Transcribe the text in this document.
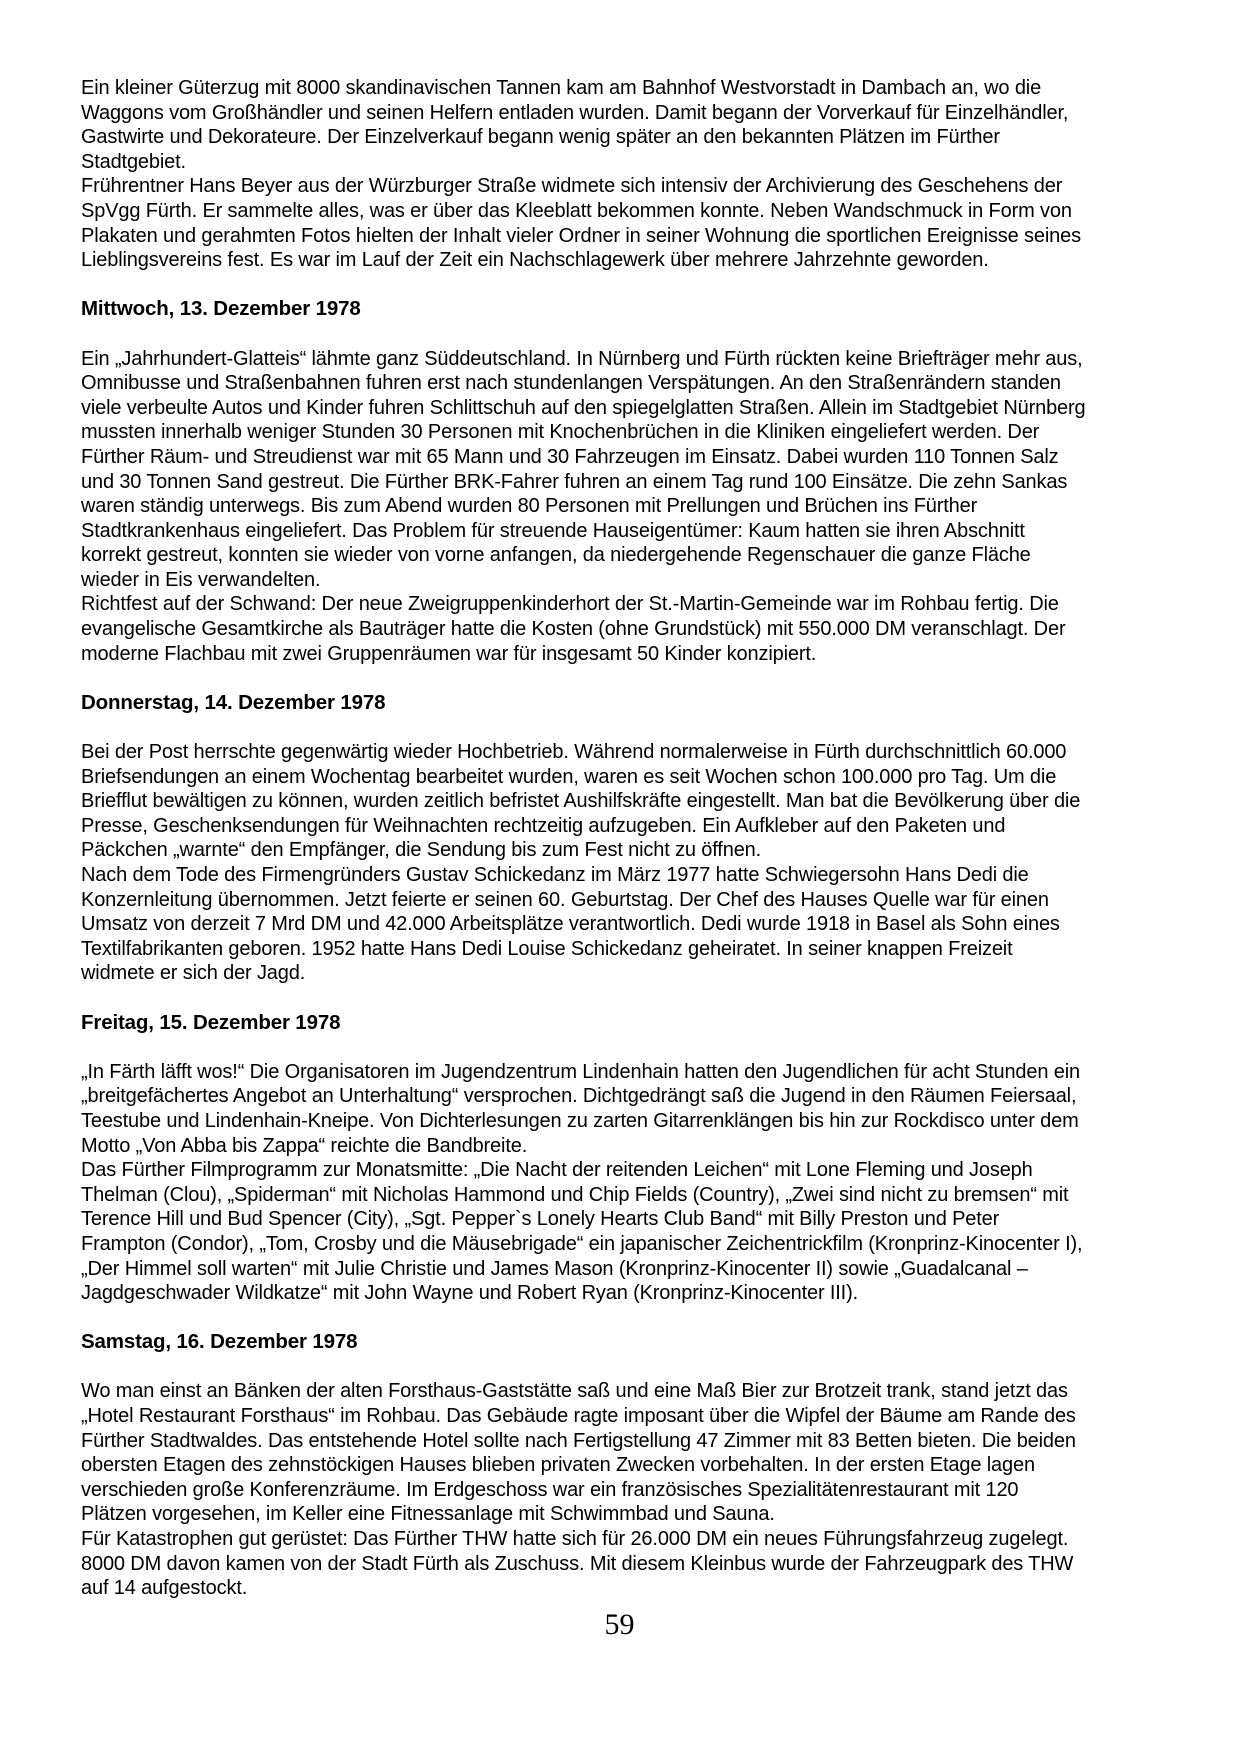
Ein kleiner Güterzug mit 8000 skandinavischen Tannen kam am Bahnhof Westvorstadt in Dambach an, wo die
Waggons vom Großhändler und seinen Helfern entladen wurden. Damit begann der Vorverkauf für Einzelhändler,
Gastwirte und Dekorateure. Der Einzelverkauf begann wenig später an den bekannten Plätzen im Fürther
Stadtgebiet.
Frührentner Hans Beyer aus der Würzburger Straße widmete sich intensiv der Archivierung des Geschehens der
SpVgg Fürth. Er sammelte alles, was er über das Kleeblatt bekommen konnte. Neben Wandschmuck in Form von
Plakaten und gerahmten Fotos hielten der Inhalt vieler Ordner in seiner Wohnung die sportlichen Ereignisse seines
Lieblingsvereins fest. Es war im Lauf der Zeit ein Nachschlagewerk über mehrere Jahrzehnte geworden.
Mittwoch, 13. Dezember 1978
Ein „Jahrhundert-Glatteis“ lähmte ganz Süddeutschland. In Nürnberg und Fürth rückten keine Briefträger mehr aus,
Omnibusse und Straßenbahnen fuhren erst nach stundenlangen Verspätungen. An den Straßenrändern standen
viele verbeulte Autos und Kinder fuhren Schlittschuh auf den spiegelglatten Straßen. Allein im Stadtgebiet Nürnberg
mussten innerhalb weniger Stunden 30 Personen mit Knochenbrüchen in die Kliniken eingeliefert werden. Der
Fürther Räum- und Streudienst war mit 65 Mann und 30 Fahrzeugen im Einsatz. Dabei wurden 110 Tonnen Salz
und 30 Tonnen Sand gestreut. Die Fürther BRK-Fahrer fuhren an einem Tag rund 100 Einsätze. Die zehn Sankas
waren ständig unterwegs. Bis zum Abend wurden 80 Personen mit Prellungen und Brüchen ins Fürther
Stadtkrankenhaus eingeliefert. Das Problem für streuende Hauseigentümer: Kaum hatten sie ihren Abschnitt
korrekt gestreut, konnten sie wieder von vorne anfangen, da niedergehende Regenschauer die ganze Fläche
wieder in Eis verwandelten.
Richtfest auf der Schwand: Der neue Zweigruppenkinderhort der St.-Martin-Gemeinde war im Rohbau fertig. Die
evangelische Gesamtkirche als Bauträger hatte die Kosten (ohne Grundstück) mit 550.000 DM veranschlagt. Der
moderne Flachbau mit zwei Gruppenräumen war für insgesamt 50 Kinder konzipiert.
Donnerstag, 14. Dezember 1978
Bei der Post herrschte gegenwärtig wieder Hochbetrieb. Während normalerweise in Fürth durchschnittlich 60.000
Briefsendungen an einem Wochentag bearbeitet wurden, waren es seit Wochen schon 100.000 pro Tag. Um die
Briefflut bewältigen zu können, wurden zeitlich befristet Aushilfskräfte eingestellt. Man bat die Bevölkerung über die
Presse, Geschenksendungen für Weihnachten rechtzeitig aufzugeben. Ein Aufkleber auf den Paketen und
Päckchen „warnte“ den Empfänger, die Sendung bis zum Fest nicht zu öffnen.
Nach dem Tode des Firmengründers Gustav Schickedanz im März 1977 hatte Schwiegersohn Hans Dedi die
Konzernleitung übernommen. Jetzt feierte er seinen 60. Geburtstag. Der Chef des Hauses Quelle war für einen
Umsatz von derzeit 7 Mrd DM und 42.000 Arbeitsplätze verantwortlich. Dedi wurde 1918 in Basel als Sohn eines
Textilfabrikanten geboren. 1952 hatte Hans Dedi Louise Schickedanz geheiratet. In seiner knappen Freizeit
widmete er sich der Jagd.
Freitag, 15. Dezember 1978
„In Färth läfft wos!“ Die Organisatoren im Jugendzentrum Lindenhain hatten den Jugendlichen für acht Stunden ein
„breitgefächertes Angebot an Unterhaltung“ versprochen. Dichtgedrängt saß die Jugend in den Räumen Feiersaal,
Teestube und Lindenhain-Kneipe. Von Dichterlesungen zu zarten Gitarrenklängen bis hin zur Rockdisco unter dem
Motto „Von Abba bis Zappa“ reichte die Bandbreite.
Das Fürther Filmprogramm zur Monatsmitte: „Die Nacht der reitenden Leichen“ mit Lone Fleming und Joseph
Thelman (Clou), „Spiderman“ mit Nicholas Hammond und Chip Fields (Country), „Zwei sind nicht zu bremsen“ mit
Terence Hill und Bud Spencer (City), „Sgt. Pepper`s Lonely Hearts Club Band“ mit Billy Preston und Peter
Frampton (Condor), „Tom, Crosby und die Mäusebrigade“ ein japanischer Zeichentrickfilm (Kronprinz-Kinocenter I),
„Der Himmel soll warten“ mit Julie Christie und James Mason (Kronprinz-Kinocenter II) sowie „Guadalcanal –
Jagdgeschwader Wildkatze“ mit John Wayne und Robert Ryan (Kronprinz-Kinocenter III).
Samstag, 16. Dezember 1978
Wo man einst an Bänken der alten Forsthaus-Gaststätte saß und eine Maß Bier zur Brotzeit trank, stand jetzt das
„Hotel Restaurant Forsthaus“ im Rohbau. Das Gebäude ragte imposant über die Wipfel der Bäume am Rande des
Fürther Stadtwaldes. Das entstehende Hotel sollte nach Fertigstellung 47 Zimmer mit 83 Betten bieten. Die beiden
obersten Etagen des zehnstöckigen Hauses blieben privaten Zwecken vorbehalten. In der ersten Etage lagen
verschieden große Konferenzräume. Im Erdgeschoss war ein französisches Spezialitätenrestaurant mit 120
Plätzen vorgesehen, im Keller eine Fitnessanlage mit Schwimmbad und Sauna.
Für Katastrophen gut gerüstet: Das Fürther THW hatte sich für 26.000 DM ein neues Führungsfahrzeug zugelegt.
8000 DM davon kamen von der Stadt Fürth als Zuschuss. Mit diesem Kleinbus wurde der Fahrzeugpark des THW
auf 14 aufgestockt.
59
